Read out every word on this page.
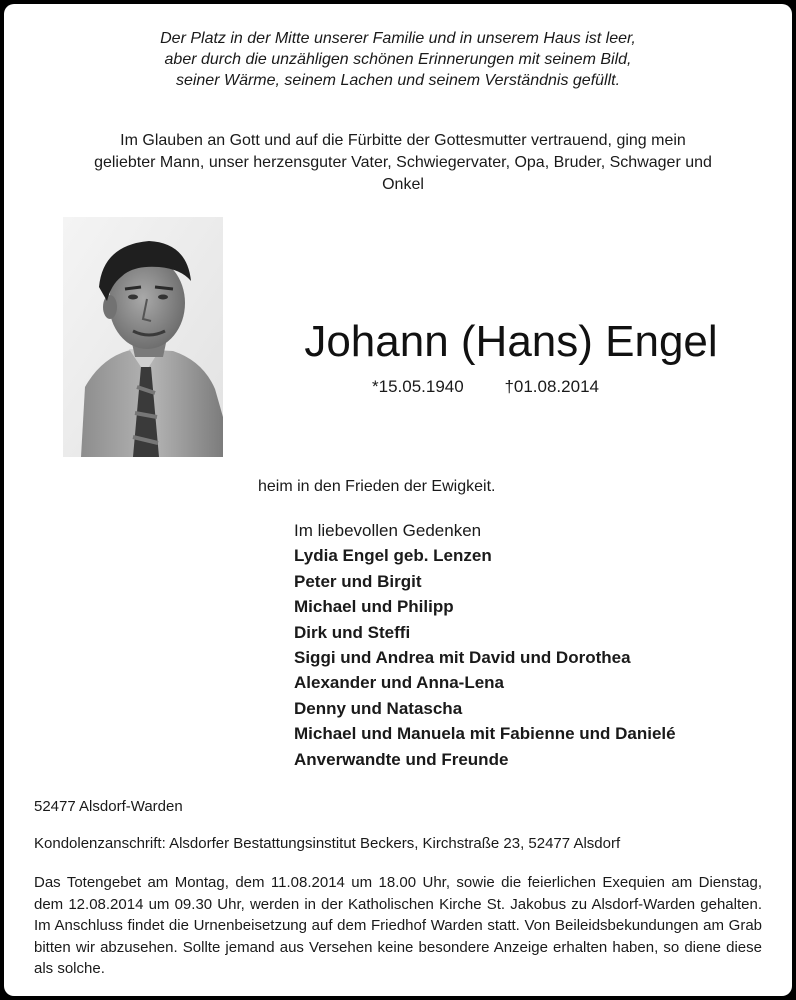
Der Platz in der Mitte unserer Familie und in unserem Haus ist leer,
aber durch die unzähligen schönen Erinnerungen mit seinem Bild,
seiner Wärme, seinem Lachen und seinem Verständnis gefüllt.
Im Glauben an Gott und auf die Fürbitte der Gottesmutter vertrauend, ging mein
geliebter Mann, unser herzensguter Vater, Schwiegervater, Opa, Bruder, Schwager und
Onkel
Johann (Hans) Engel
*15.05.1940 †01.08.2014
heim in den Frieden der Ewigkeit.
Im liebevollen Gedenken
Lydia Engel geb. Lenzen
Peter und Birgit
Michael und Philipp
Dirk und Steffi
Siggi und Andrea mit David und Dorothea
Alexander und Anna-Lena
Denny und Natascha
Michael und Manuela mit Fabienne und Danielé
Anverwandte und Freunde
52477 Alsdorf-Warden
Kondolenzanschrift: Alsdorfer Bestattungsinstitut Beckers, Kirchstraße 23, 52477 Alsdorf
Das Totengebet am Montag, dem 11.08.2014 um 18.00 Uhr, sowie die feierlichen Exequien am Dienstag, dem 12.08.2014 um 09.30 Uhr, werden in der Katholischen Kirche St. Jakobus zu Alsdorf-Warden gehalten. Im Anschluss findet die Urnenbeisetzung auf dem Friedhof Warden statt. Von Beileidsbekundungen am Grab bitten wir abzusehen. Sollte jemand aus Versehen keine besondere Anzeige erhalten haben, so diene diese als solche.
